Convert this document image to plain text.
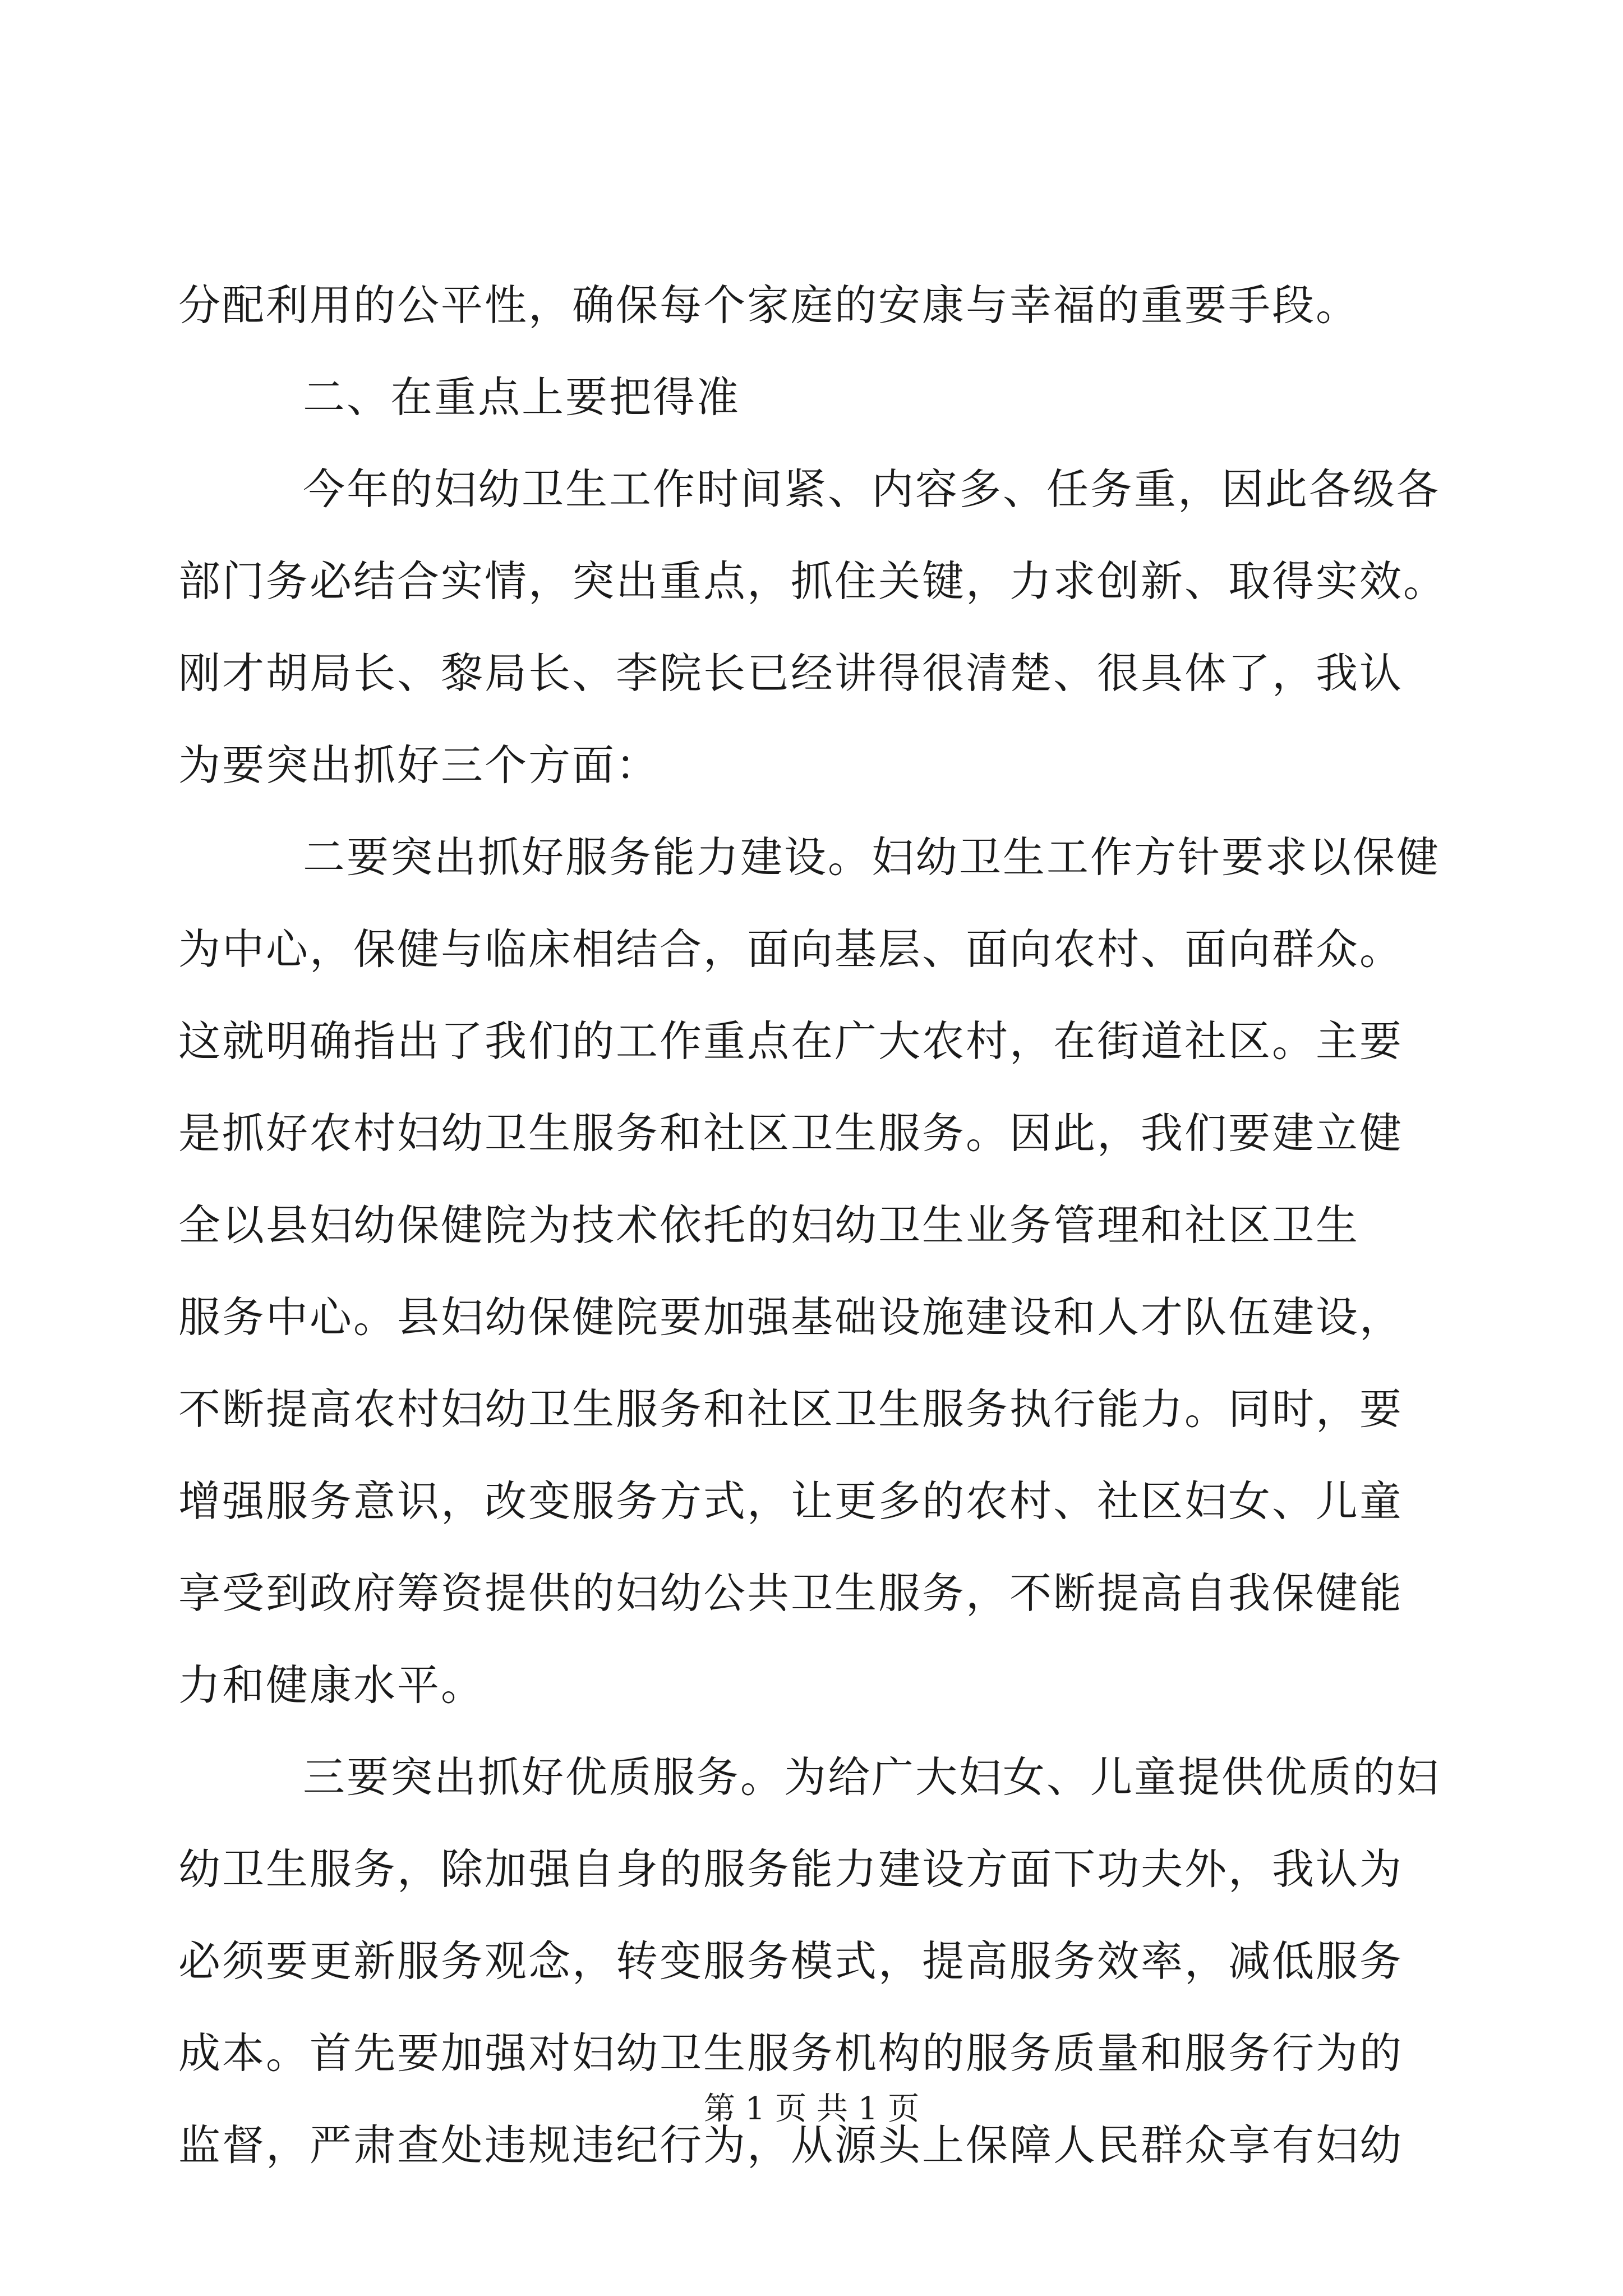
分配利用的公平性，确保每个家庭的安康与幸福的重要手段。
二、在重点上要把得准
今年的妇幼卫生工作时间紧、内容多、任务重，因此各级各
部门务必结合实情，突出重点，抓住关键，力求创新、取得实效。
刚才胡局长、黎局长、李院长已经讲得很清楚、很具体了，我认
为要突出抓好三个方面：
二要突出抓好服务能力建设。妇幼卫生工作方针要求以保健
为中心，保健与临床相结合，面向基层、面向农村、面向群众。
这就明确指出了我们的工作重点在广大农村，在街道社区。主要
是抓好农村妇幼卫生服务和社区卫生服务。因此，我们要建立健
全以县妇幼保健院为技术依托的妇幼卫生业务管理和社区卫生
服务中心。县妇幼保健院要加强基础设施建设和人才队伍建设，
不断提高农村妇幼卫生服务和社区卫生服务执行能力。同时，要
增强服务意识，改变服务方式，让更多的农村、社区妇女、儿童
享受到政府筹资提供的妇幼公共卫生服务，不断提高自我保健能
力和健康水平。
三要突出抓好优质服务。为给广大妇女、儿童提供优质的妇
幼卫生服务，除加强自身的服务能力建设方面下功夫外，我认为
必须要更新服务观念，转变服务模式，提高服务效率，减低服务
成本。首先要加强对妇幼卫生服务机构的服务质量和服务行为的
监督，严肃查处违规违纪行为，从源头上保障人民群众享有妇幼
第 1 页 共 1 页
